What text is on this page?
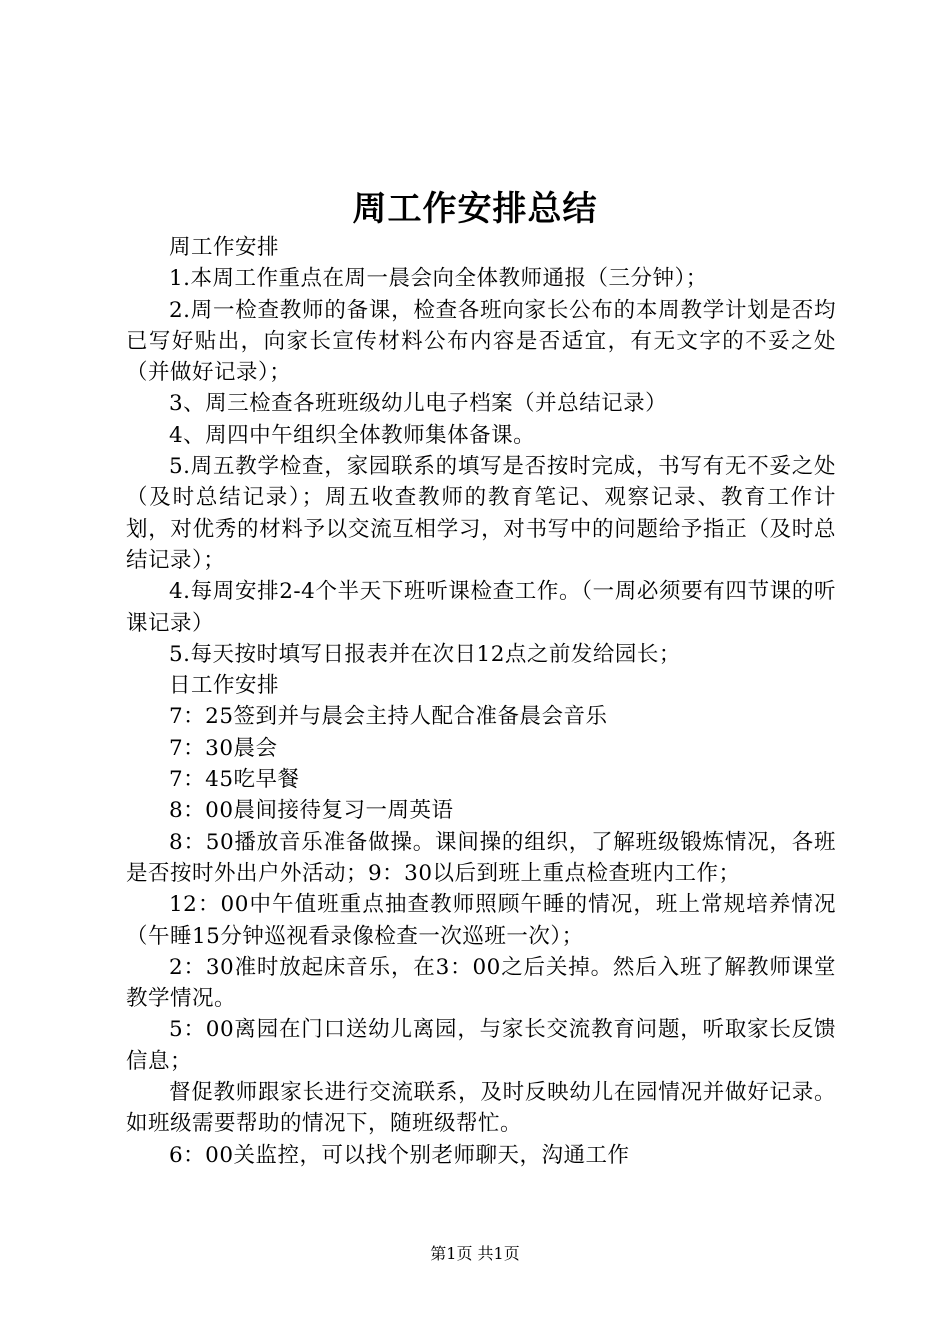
周工作安排总结

周工作安排

1.本周工作重点在周一晨会向全体教师通报（三分钟）；

2.周一检查教师的备课，检查各班向家长公布的本周教学计划是否均已写好贴出，向家长宣传材料公布内容是否适宜，有无文字的不妥之处（并做好记录）；

3、周三检查各班班级幼儿电子档案（并总结记录）

4、周四中午组织全体教师集体备课。

5.周五教学检查，家园联系的填写是否按时完成，书写有无不妥之处（及时总结记录）；周五收查教师的教育笔记、观察记录、教育工作计划，对优秀的材料予以交流互相学习，对书写中的问题给予指正（及时总结记录）；

4.每周安排2-4个半天下班听课检查工作。（一周必须要有四节课的听课记录）

5.每天按时填写日报表并在次日12点之前发给园长；

日工作安排

7：25签到并与晨会主持人配合准备晨会音乐

7：30晨会

7：45吃早餐

8：00晨间接待复习一周英语

8：50播放音乐准备做操。课间操的组织，了解班级锻炼情况，各班是否按时外出户外活动；9：30以后到班上重点检查班内工作；

12：00中午值班重点抽查教师照顾午睡的情况，班上常规培养情况（午睡15分钟巡视看录像检查一次巡班一次）；

2：30准时放起床音乐，在3：00之后关掉。然后入班了解教师课堂教学情况。

5：00离园在门口送幼儿离园，与家长交流教育问题，听取家长反馈信息；

督促教师跟家长进行交流联系，及时反映幼儿在园情况并做好记录。如班级需要帮助的情况下，随班级帮忙。

6：00关监控，可以找个别老师聊天，沟通工作

第1页 共1页
